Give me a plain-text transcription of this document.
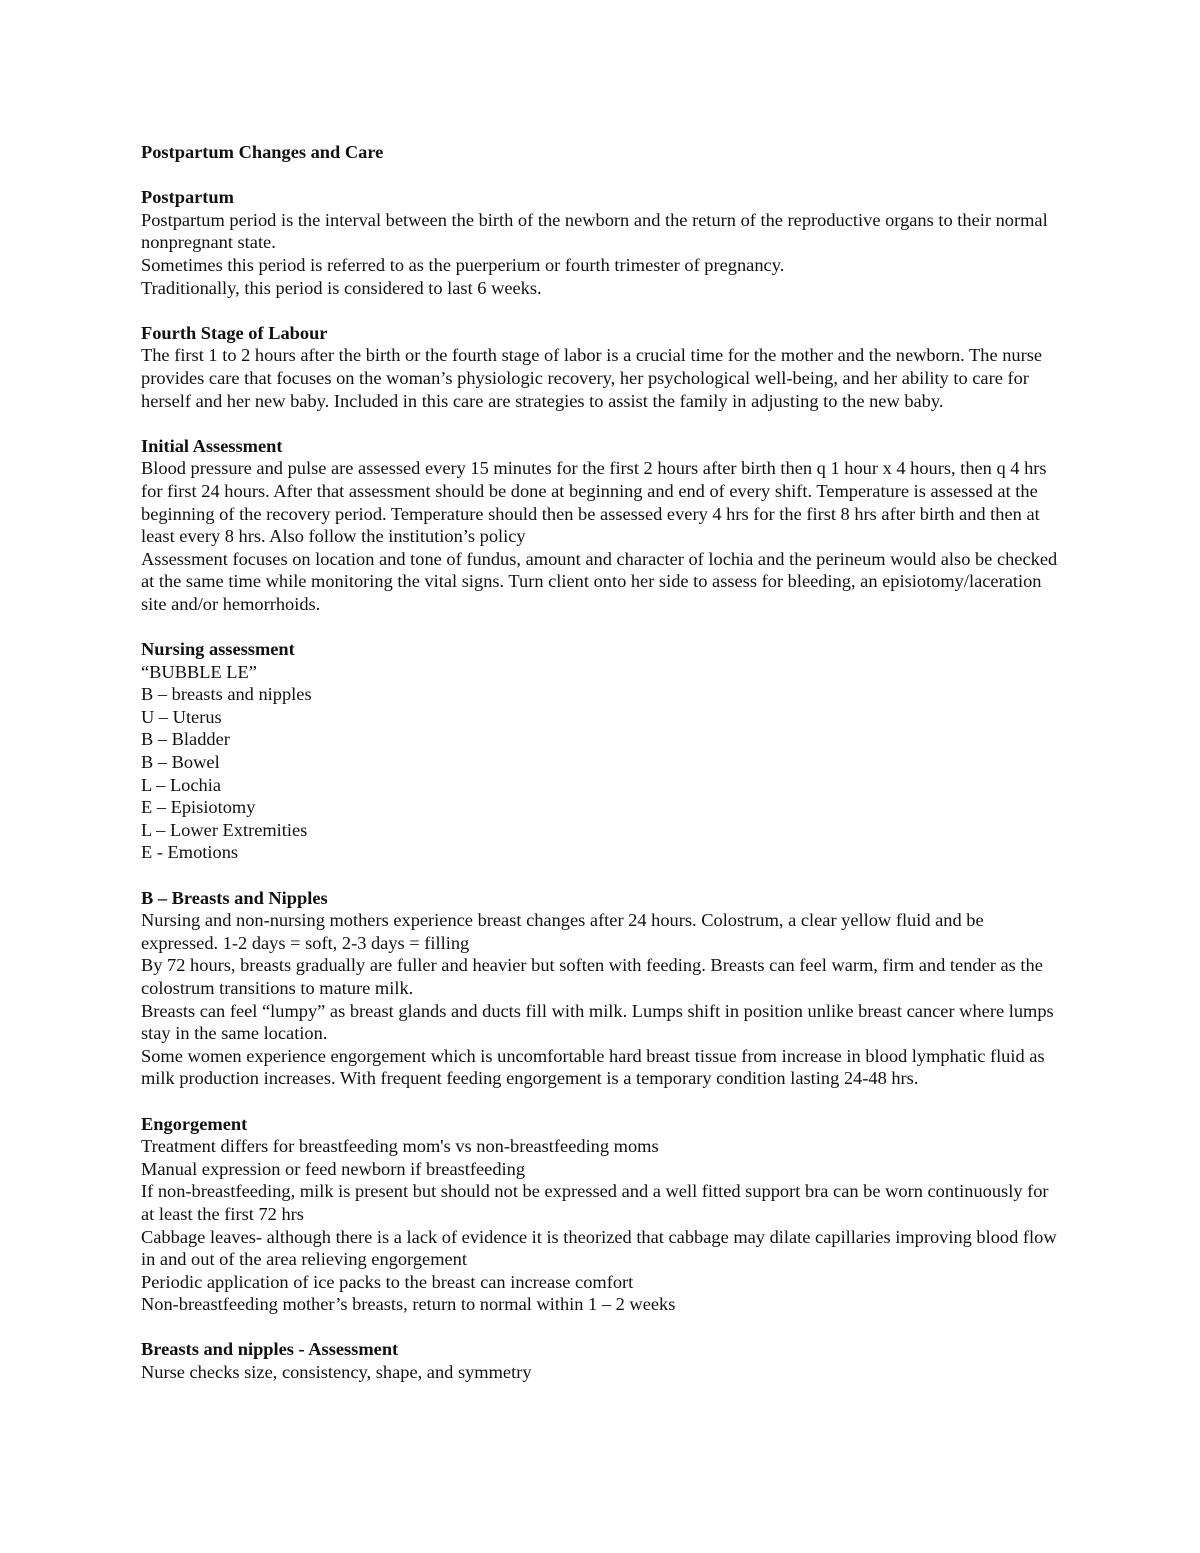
Postpartum Changes and Care
Postpartum
Postpartum period is the interval between the birth of the newborn and the return of the reproductive organs to their normal nonpregnant state.
Sometimes this period is referred to as the puerperium or fourth trimester of pregnancy.
Traditionally, this period is considered to last 6 weeks.
Fourth Stage of Labour
The first 1 to 2 hours after the birth or the fourth stage of labor is a crucial time for the mother and the newborn. The nurse provides care that focuses on the woman’s physiologic recovery, her psychological well-being, and her ability to care for herself and her new baby. Included in this care are strategies to assist the family in adjusting to the new baby.
Initial Assessment
Blood pressure and pulse are assessed every 15 minutes for the first 2 hours after birth then q 1 hour x 4 hours, then q 4 hrs for first 24 hours. After that assessment should be done at beginning and end of every shift. Temperature is assessed at the beginning of the recovery period. Temperature should then be assessed every 4 hrs for the first 8 hrs after birth and then at least every 8 hrs. Also follow the institution’s policy
Assessment focuses on location and tone of fundus, amount and character of lochia and the perineum would also be checked at the same time while monitoring the vital signs. Turn client onto her side to assess for bleeding, an episiotomy/laceration site and/or hemorrhoids.
Nursing assessment
“BUBBLE LE”
B – breasts and nipples
U – Uterus
B – Bladder
B – Bowel
L – Lochia
E – Episiotomy
L – Lower Extremities
E - Emotions
B – Breasts and Nipples
Nursing and non-nursing mothers experience breast changes after 24 hours. Colostrum, a clear yellow fluid and be expressed. 1-2 days = soft, 2-3 days = filling
By 72 hours, breasts gradually are fuller and heavier but soften with feeding. Breasts can feel warm, firm and tender as the colostrum transitions to mature milk.
Breasts can feel “lumpy” as breast glands and ducts fill with milk. Lumps shift in position unlike breast cancer where lumps stay in the same location.
Some women experience engorgement which is uncomfortable hard breast tissue from increase in blood lymphatic fluid as milk production increases. With frequent feeding engorgement is a temporary condition lasting 24-48 hrs.
Engorgement
Treatment differs for breastfeeding mom's vs non-breastfeeding moms
Manual expression or feed newborn if breastfeeding
If non-breastfeeding, milk is present but should not be expressed and a well fitted support bra can be worn continuously for at least the first 72 hrs
Cabbage leaves- although there is a lack of evidence it is theorized that cabbage may dilate capillaries improving blood flow in and out of the area relieving engorgement
Periodic application of ice packs to the breast can increase comfort
Non-breastfeeding mother’s breasts, return to normal within 1 – 2 weeks
Breasts and nipples - Assessment
Nurse checks size, consistency, shape, and symmetry
